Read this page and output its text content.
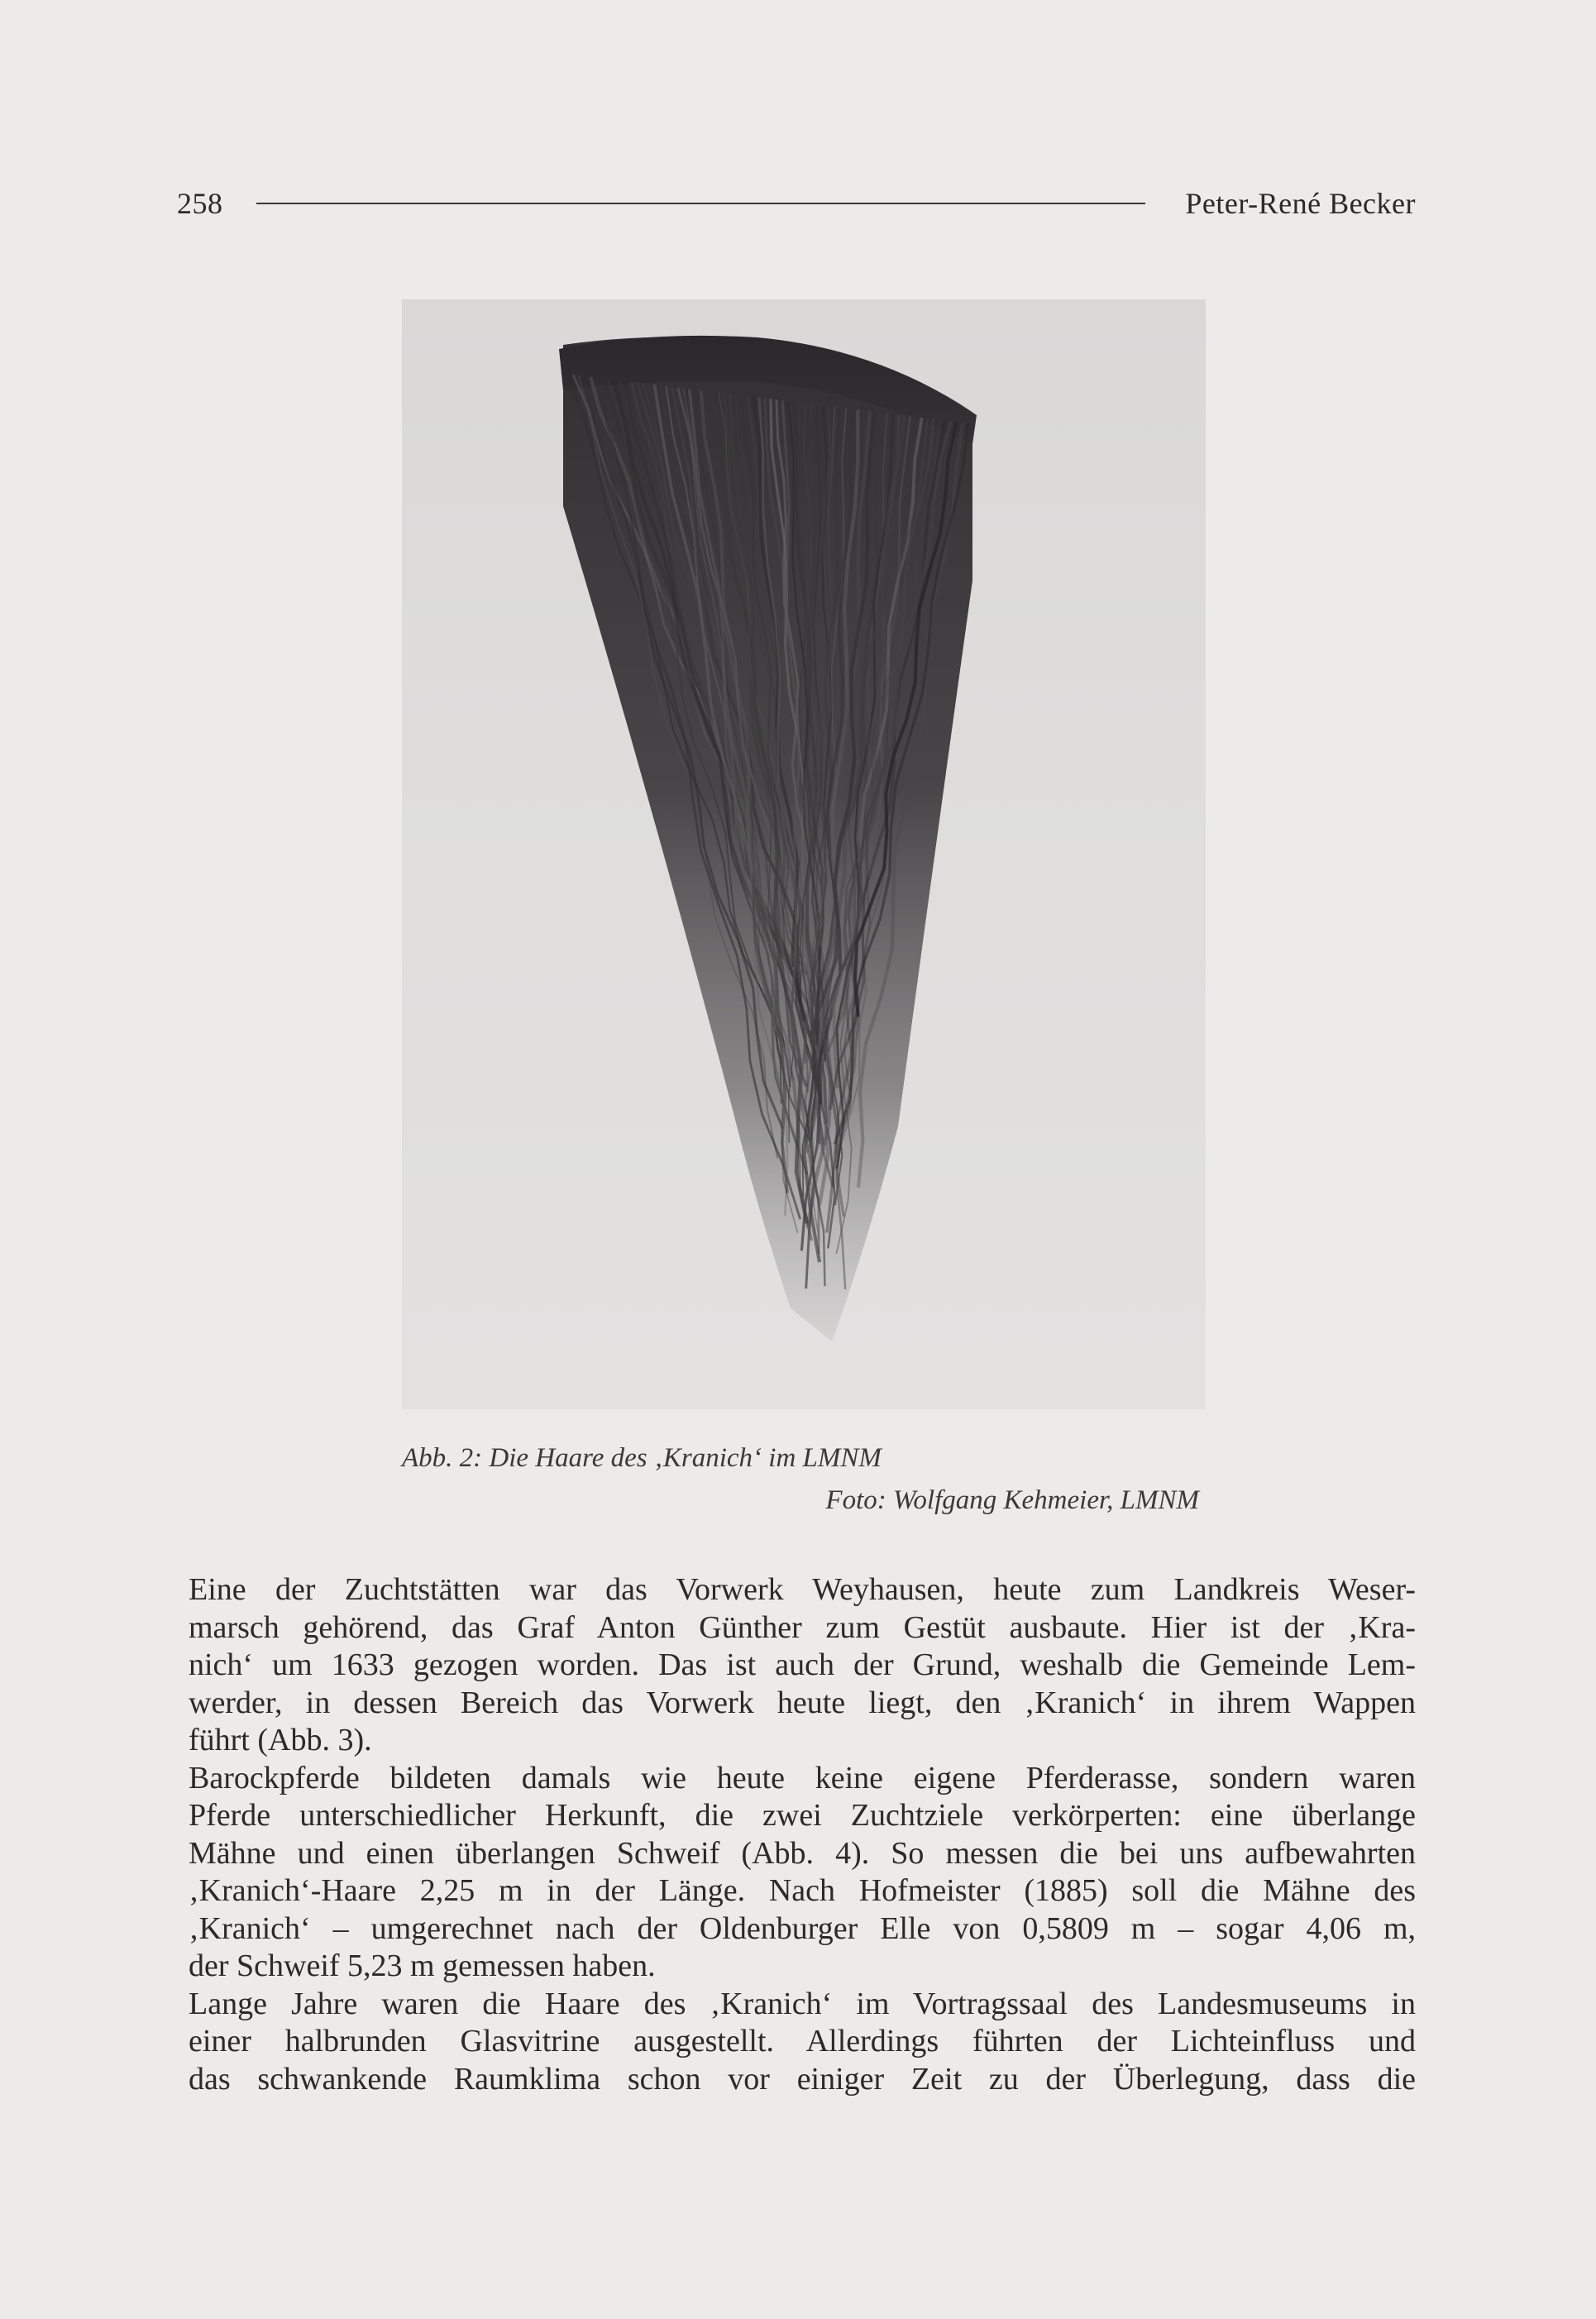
258	Peter-René Becker
Abb. 2: Die Haare des ‚Kranich‘ im LMNM
Foto: Wolfgang Kehmeier, LMNM
Eine der Zuchtstätten war das Vorwerk Weyhausen, heute zum Landkreis Weser-
marsch gehörend, das Graf Anton Günther zum Gestüt ausbaute. Hier ist der ‚Kra-
nich‘ um 1633 gezogen worden. Das ist auch der Grund, weshalb die Gemeinde Lem-
werder, in dessen Bereich das Vorwerk heute liegt, den ‚Kranich‘ in ihrem Wappen
führt (Abb. 3).
Barockpferde bildeten damals wie heute keine eigene Pferderasse, sondern waren
Pferde unterschiedlicher Herkunft, die zwei Zuchtziele verkörperten: eine überlange
Mähne und einen überlangen Schweif (Abb. 4). So messen die bei uns aufbewahrten
‚Kranich‘-Haare 2,25 m in der Länge. Nach Hofmeister (1885) soll die Mähne des
‚Kranich‘ – umgerechnet nach der Oldenburger Elle von 0,5809 m – sogar 4,06 m,
der Schweif 5,23 m gemessen haben.
Lange Jahre waren die Haare des ‚Kranich‘ im Vortragssaal des Landesmuseums in
einer halbrunden Glasvitrine ausgestellt. Allerdings führten der Lichteinfluss und
das schwankende Raumklima schon vor einiger Zeit zu der Überlegung, dass die
